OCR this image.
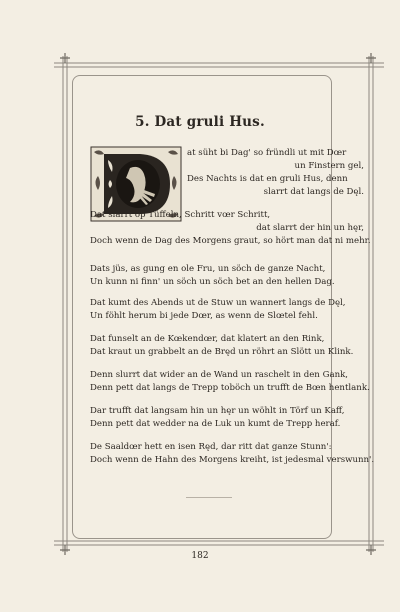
5. Dat gruli Hus.
at süht bi Dag' so fründli ut mit Dœr
un Finstern gel,
Des Nachts is dat en gruli Hus, denn
slarrt dat langs de Dęl.
Dat slarrt op Tüffeln, Schritt vœr Schritt,
dat slarrt der hin un hęr,
Doch wenn de Dag des Morgens graut, so hört man dat ni mehr.
Dats jüs, as gung en ole Fru, un söch de ganze Nacht,
Un kunn ni finn' un söch un söch bet an den hellen Dag.
Dat kumt des Abends ut de Stuw un wannert langs de Dęl,
Un föhlt herum bi jede Dœr, as wenn de Slœtel fehl.
Dat funselt an de Kœkendœr, dat klatert an den Rink,
Dat kraut un grabbelt an de Bręd un röhrt an Slött un Klink.
Denn slurrt dat wider an de Wand un raschelt in den Gank,
Denn pett dat langs de Trepp toböch un trufft de Bœn hentlank.
Dar trufft dat langsam hin un hęr un wöhlt in Törf un Kaff,
Denn pett dat wedder na de Luk un kumt de Trepp heraf.
De Saaldœr hett en isen Ręd, dar ritt dat ganze Stunn':
Doch wenn de Hahn des Morgens kreiht, ist jedesmal verswunn'.
182
